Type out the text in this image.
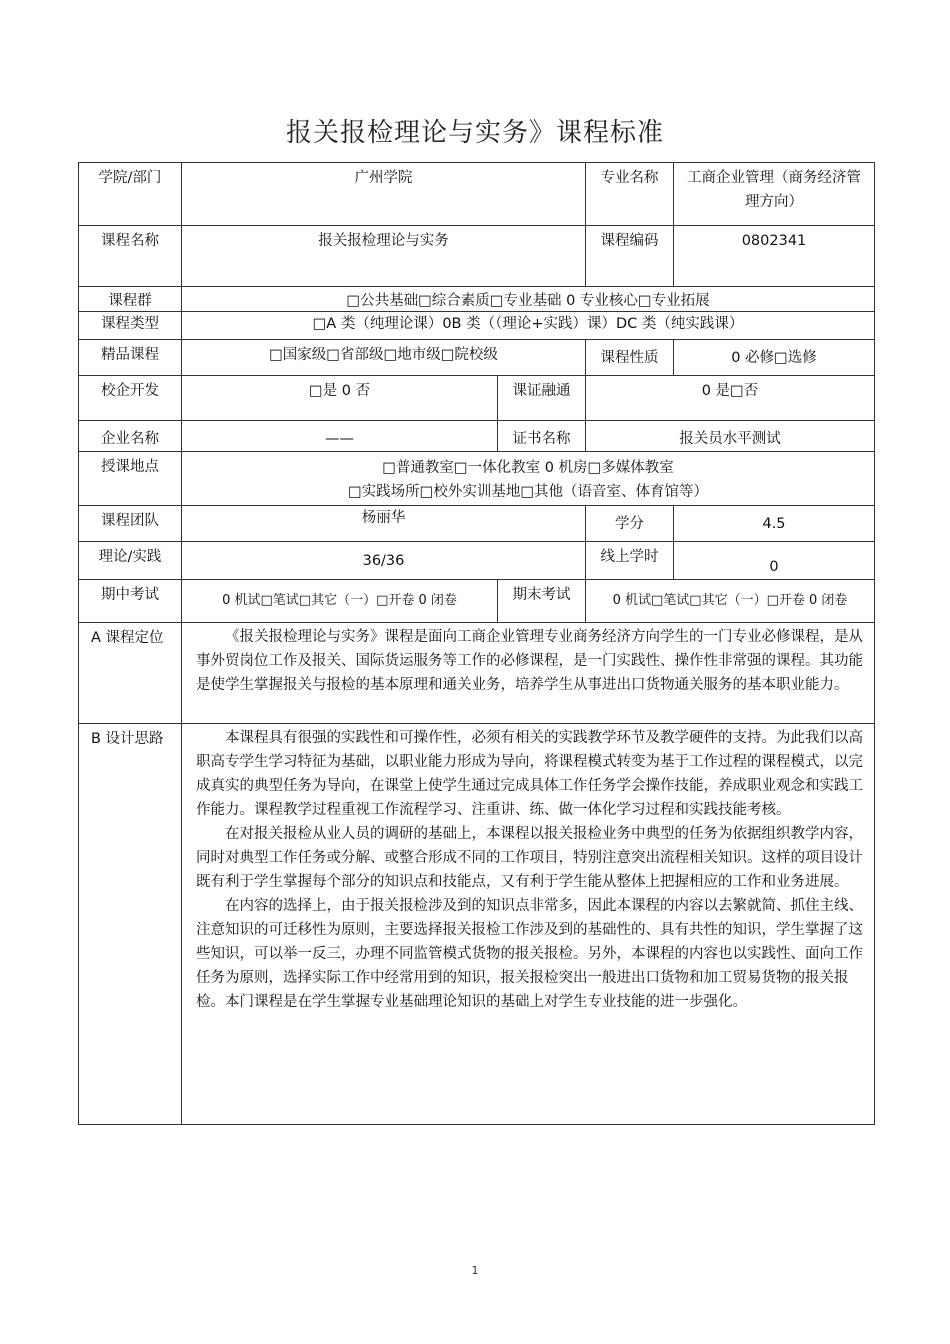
报关报检理论与实务》课程标准
学院/部门	广州学院		专业名称	工商企业管理（商务经济管理方向）
课程名称	报关报检理论与实务		课程编码	0802341
课程群	□公共基础□综合素质□专业基础 0 专业核心□专业拓展			
课程类型	□A 类（纯理论课）0B 类（（理论+实践）课）DC 类（纯实践课）			
精品课程	□国家级□省部级□地市级□院校级		课程性质	0 必修□选修
校企开发	□是 0 否	课证融通	0 是□否	
企业名称	——	证书名称	报关员水平测试	
授课地点	□普通教室□一体化教室 0 机房□多媒体教室
□实践场所□校外实训基地□其他（语音室、体育馆等）			

课程团队	杨丽华		学分	4.5
理论/实践	36/36		线上学时	0
期中考试	0 机试□笔试□其它（一）□开卷 0 闭卷	期末考试	0 机试□笔试□其它（一）□开卷 0 闭卷	
A 课程定位	《报关报检理论与实务》课程是面向工商企业管理专业商务经济方向学生的一门专业必修课程，是从事外贸岗位工作及报关、国际货运服务等工作的必修课程，是一门实践性、操作性非常强的课程。其功能是使学生掌握报关与报检的基本原理和通关业务，培养学生从事进出口货物通关服务的基本职业能力。			

B 设计思路	本课程具有很强的实践性和可操作性，必须有相关的实践教学环节及教学硬件的支持。为此我们以高职高专学生学习特征为基础，以职业能力形成为导向，将课程模式转变为基于工作过程的课程模式，以完成真实的典型任务为导向，在课堂上使学生通过完成具体工作任务学会操作技能，养成职业观念和实践工作能力。课程教学过程重视工作流程学习、注重讲、练、做一体化学习过程和实践技能考核。

在对报关报检从业人员的调研的基础上，本课程以报关报检业务中典型的任务为依据组织教学内容，同时对典型工作任务或分解、或整合形成不同的工作项目，特别注意突出流程相关知识。这样的项目设计既有利于学生掌握每个部分的知识点和技能点，又有利于学生能从整体上把握相应的工作和业务进展。

在内容的选择上，由于报关报检涉及到的知识点非常多，因此本课程的内容以去繁就简、抓住主线、注意知识的可迁移性为原则，主要选择报关报检工作涉及到的基础性的、具有共性的知识，学生掌握了这些知识，可以举一反三，办理不同监管模式货物的报关报检。另外，本课程的内容也以实践性、面向工作任务为原则，选择实际工作中经常用到的知识，报关报检突出一般进出口货物和加工贸易货物的报关报检。本门课程是在学生掌握专业基础理论知识的基础上对学生专业技能的进一步强化。			

1
